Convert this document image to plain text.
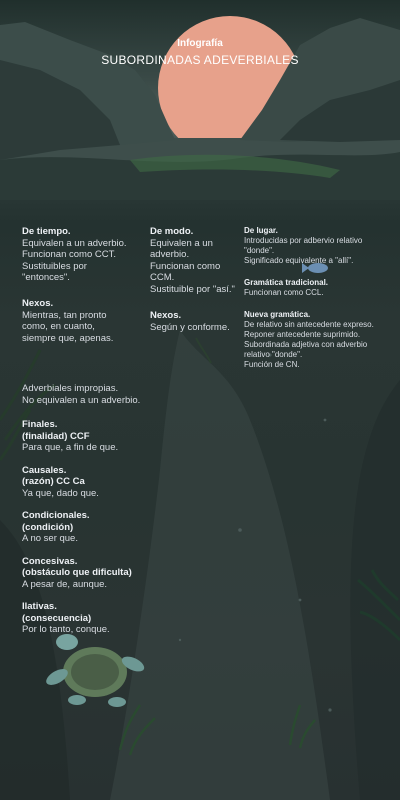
Infografía
SUBORDINADAS ADEVERBIALES
De tiempo.
Equivalen a un adverbio.
Funcionan como CCT.
Sustituibles por
"entonces".
Nexos.
Mientras, tan pronto
como, en cuanto,
siempre que, apenas.
De modo.
Equivalen a un
adverbio.
Funcionan como
CCM.
Sustituible por "así."
Nexos.
Según y conforme.
De lugar.
Introducidas por adbervio relativo
"donde".
Significado equivalente a "allí".
Gramática tradicional.
Funcionan como CCL.
Nueva gramática.
De relativo sin antecedente expreso.
Reponer antecedente suprimido.
Subordinada adjetiva con adverbio
relativo "donde".
Función de CN.

Adverbiales impropias.

No equivalen a un adverbio.

Finales.
(finalidad) CCF

Para que, a fin de que.

Causales.
(razón) CC Ca

Ya que, dado que.

Condicionales.
(condición)

A no ser que.

Concesivas.
(obstáculo que dificulta)

A pesar de, aunque.

Ilativas.
(consecuencia)

Por lo tanto, conque.
